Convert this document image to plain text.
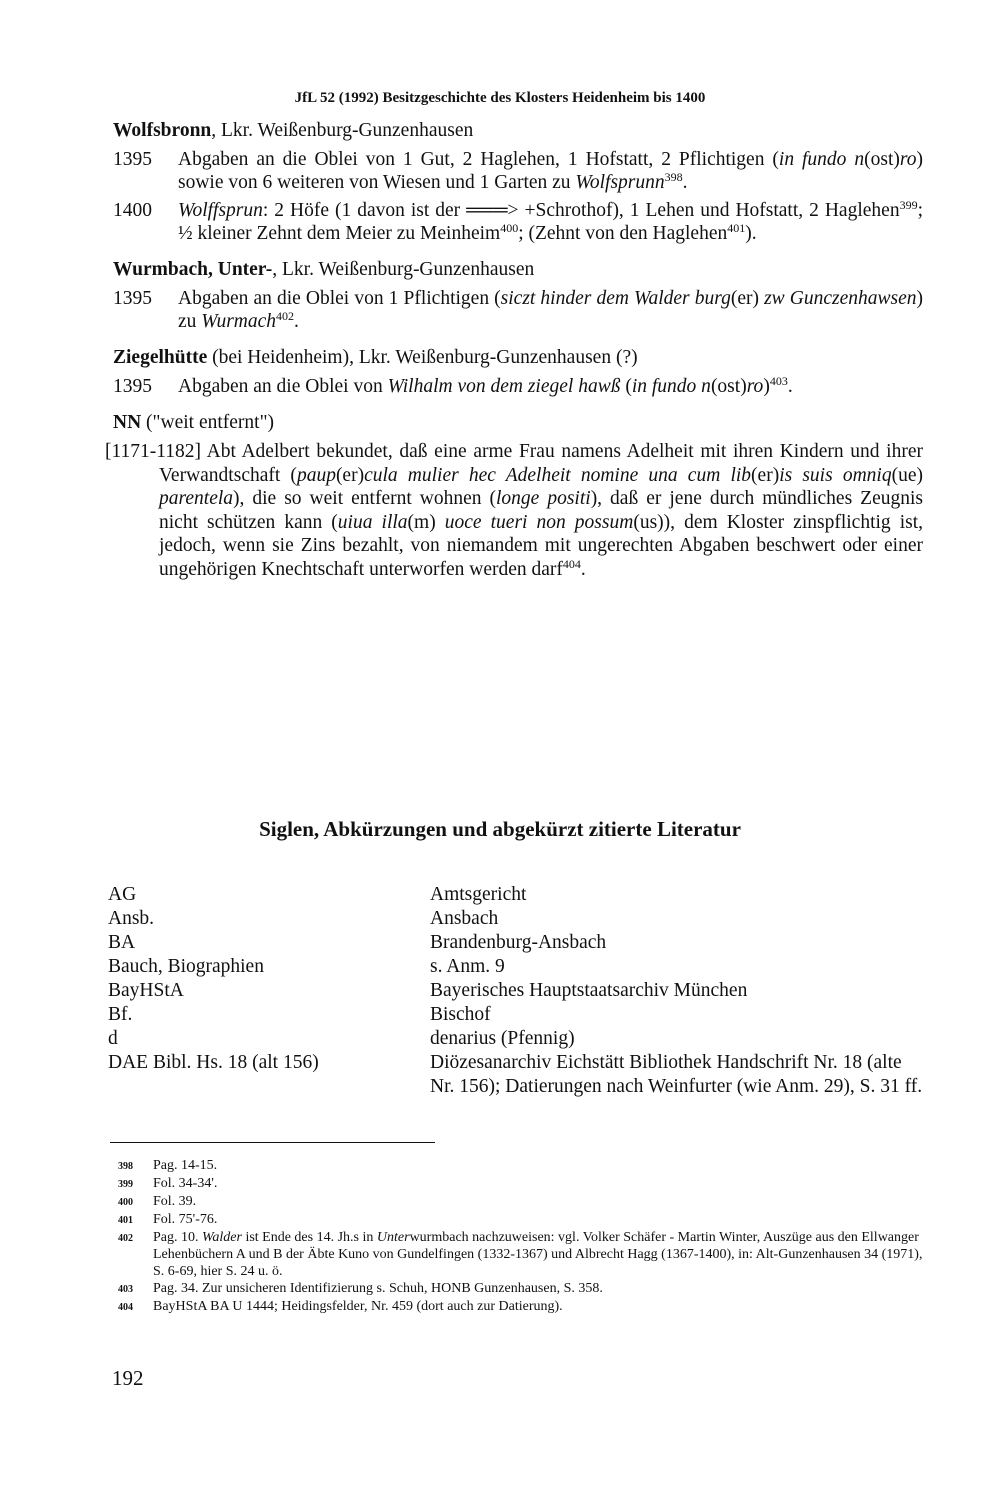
JfL 52 (1992) Besitzgeschichte des Klosters Heidenheim bis 1400
Wolfsbronn, Lkr. Weißenburg-Gunzenhausen
1395	Abgaben an die Oblei von 1 Gut, 2 Haglehen, 1 Hofstatt, 2 Pflichtigen (in fundo n(ost)ro) sowie von 6 weiteren von Wiesen und 1 Garten zu Wolfsprunn$^{398}$.
1400	Wolffsprun: 2 Höfe (1 davon ist der ═══> +Schrothof), 1 Lehen und Hofstatt, 2 Haglehen$^{399}$; ½ kleiner Zehnt dem Meier zu Meinheim$^{400}$; (Zehnt von den Haglehen$^{401}$).
Wurmbach, Unter-, Lkr. Weißenburg-Gunzenhausen
1395	Abgaben an die Oblei von 1 Pflichtigen (siczt hinder dem Walder burg(er) zw Gunczenhawsen) zu Wurmach$^{402}$.
Ziegelhütte (bei Heidenheim), Lkr. Weißenburg-Gunzenhausen (?)
1395	Abgaben an die Oblei von Wilhalm von dem ziegel hawß (in fundo n(ost)ro)$^{403}$.
NN ("weit entfernt")
[1171-1182] Abt Adelbert bekundet, daß eine arme Frau namens Adelheit mit ihren Kindern und ihrer Verwandtschaft (paup(er)cula mulier hec Adelheit nomine una cum lib(er)is suis omniq(ue) parentela), die so weit entfernt wohnen (longe positi), daß er jene durch mündliches Zeugnis nicht schützen kann (uiua illa(m) uoce tueri non possum(us)), dem Kloster zinspflichtig ist, jedoch, wenn sie Zins bezahlt, von niemandem mit ungerechten Abgaben beschwert oder einer ungehörigen Knechtschaft unterworfen werden darf$^{404}$.
Siglen, Abkürzungen und abgekürzt zitierte Literatur
AG	Amtsgericht
Ansb.	Ansbach
BA	Brandenburg-Ansbach
Bauch, Biographien	s. Anm. 9
BayHStA	Bayerisches Hauptstaatsarchiv München
Bf.	Bischof
d	denarius (Pfennig)
DAE Bibl. Hs. 18 (alt 156)	Diözesanarchiv Eichstätt Bibliothek Handschrift Nr. 18 (alte Nr. 156); Datierungen nach Weinfurter (wie Anm. 29), S. 31 ff.
398	Pag. 14-15.
399	Fol. 34-34'.
400	Fol. 39.
401	Fol. 75'-76.
402	Pag. 10. Walder ist Ende des 14. Jh.s in Unterwurmbach nachzuweisen: vgl. Volker Schäfer - Martin Winter, Auszüge aus den Ellwanger Lehenbüchern A und B der Äbte Kuno von Gundelfingen (1332-1367) und Albrecht Hagg (1367-1400), in: Alt-Gunzenhausen 34 (1971), S. 6-69, hier S. 24 u. ö.
403	Pag. 34. Zur unsicheren Identifizierung s. Schuh, HONB Gunzenhausen, S. 358.
404	BayHStA BA U 1444; Heidingsfelder, Nr. 459 (dort auch zur Datierung).
192
